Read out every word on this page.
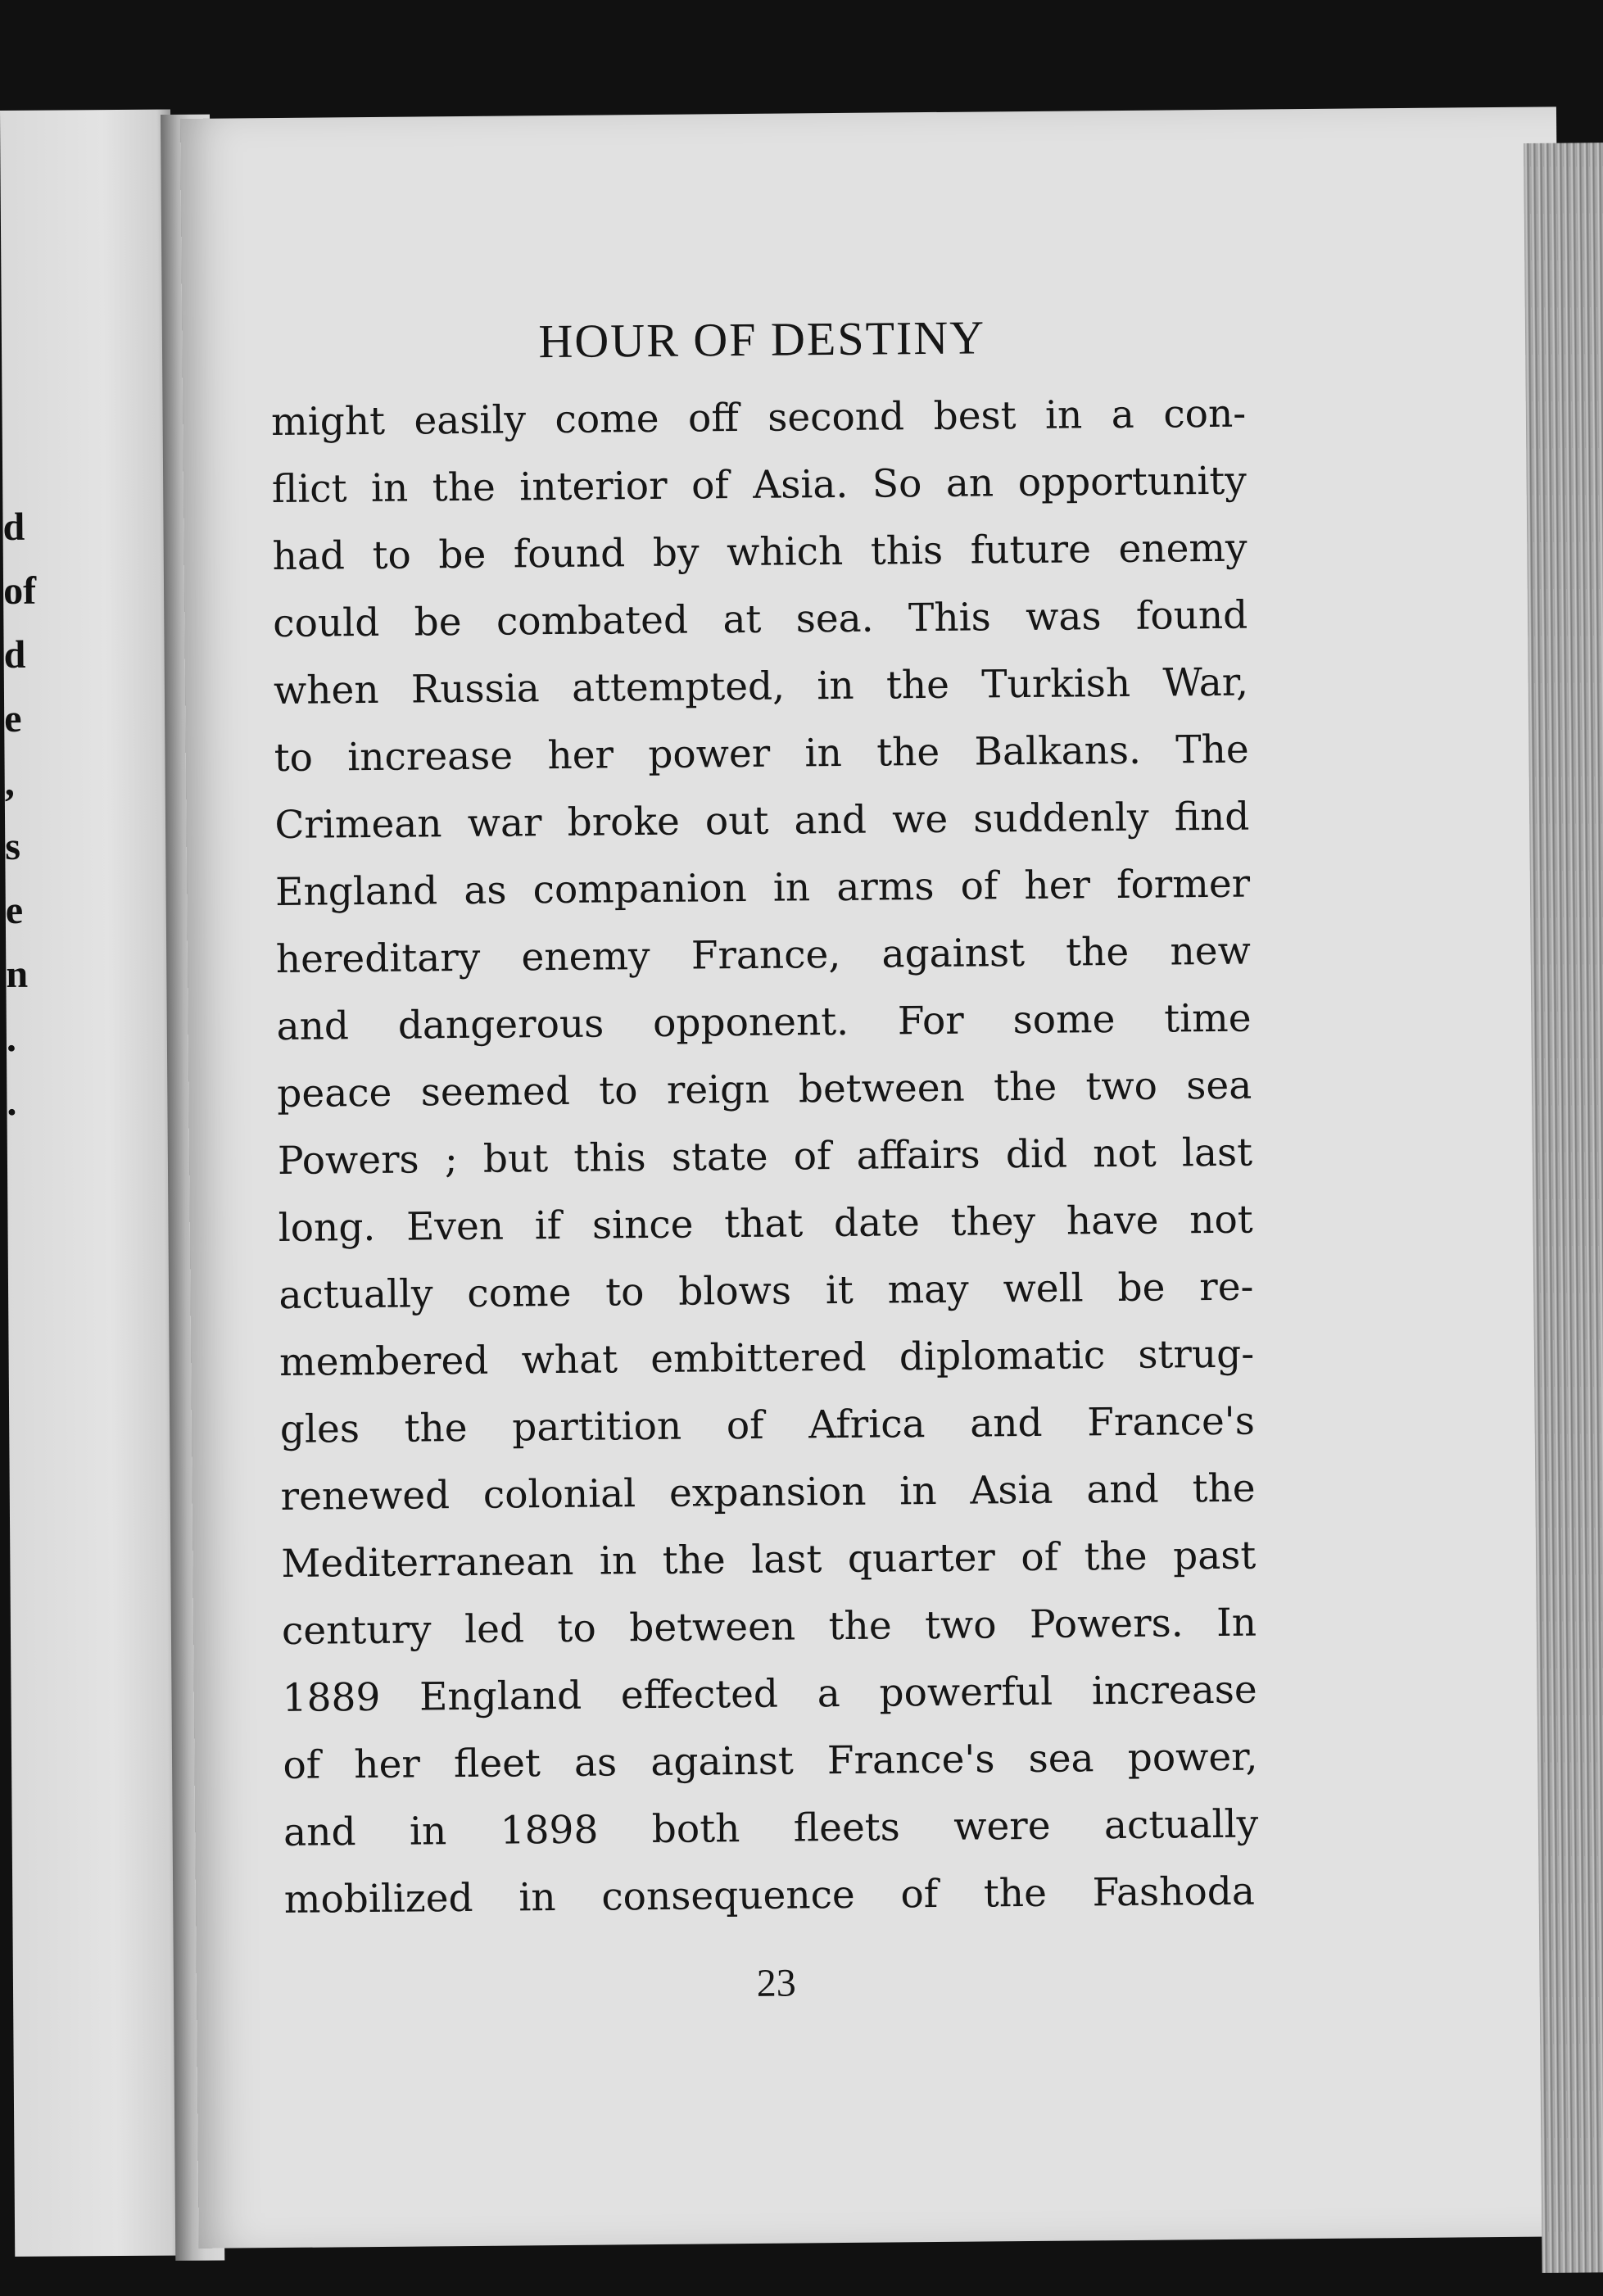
d
of
d
e
,
s
e
n
.
.
HOUR OF DESTINY
might easily come off second best in a con-
flict in the interior of Asia. So an opportunity
had to be found by which this future enemy
could be combated at sea. This was found
when Russia attempted, in the Turkish War,
to increase her power in the Balkans. The
Crimean war broke out and we suddenly find
England as companion in arms of her former
hereditary enemy France, against the new
and dangerous opponent. For some time
peace seemed to reign between the two sea
Powers ; but this state of affairs did not last
long. Even if since that date they have not
actually come to blows it may well be re-
membered what embittered diplomatic strug-
gles the partition of Africa and France's
renewed colonial expansion in Asia and the
Mediterranean in the last quarter of the past
century led to between the two Powers. In
1889 England effected a powerful increase
of her fleet as against France's sea power,
and in 1898 both fleets were actually
mobilized in consequence of the Fashoda
23
